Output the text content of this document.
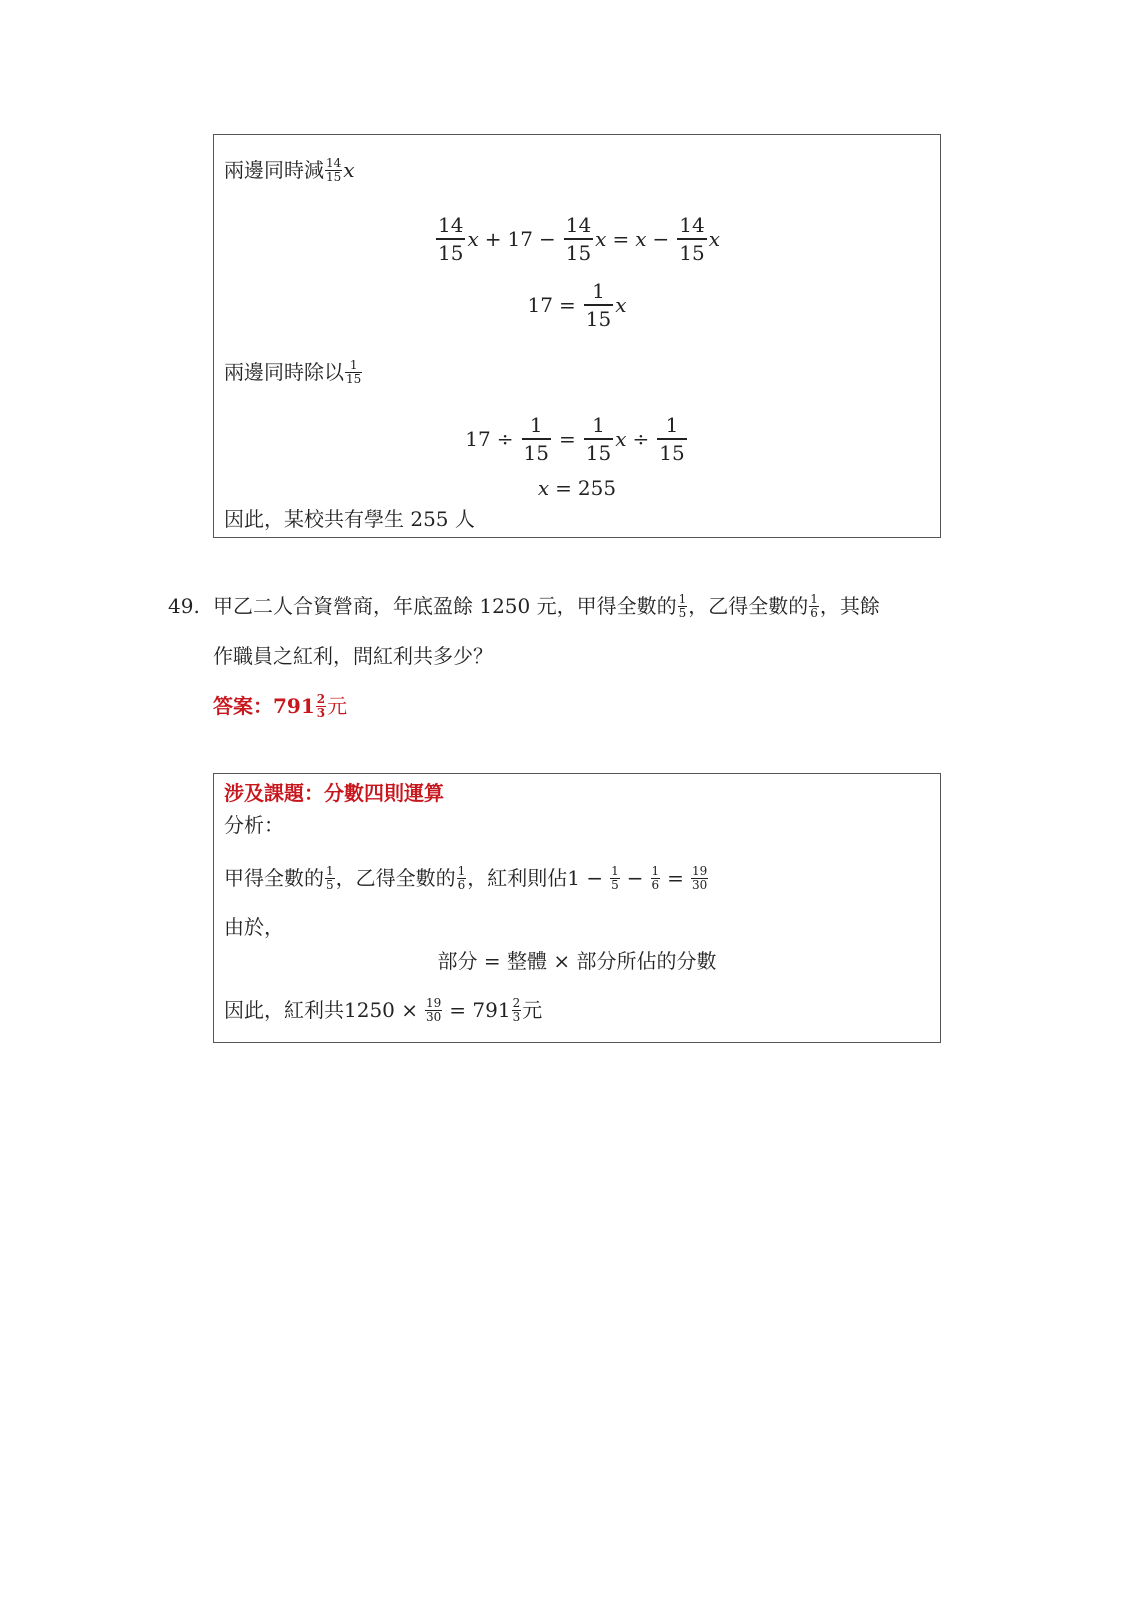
兩邊同時減 $\frac{14}{15}$ x
$\frac{14}{15}$ $x + 17 - \frac{14}{15}$ $x = x - \frac{14}{15}$ x
$17 = \frac{1}{15}$ x
兩邊同時除以 $\frac{1}{15}$
$17 \div \frac{1}{15} = \frac{1}{15}$ $x \div \frac{1}{15}$
x = 255
因此，某校共有學生 255 人
49. 甲乙二人合資營商，年底盈餘 1250 元，甲得全數的 $\frac{1}{5}$ ，乙得全數的 $\frac{1}{6}$ ，其餘
作職員之紅利，問紅利共多少？
答案：$791 \frac{2}{3}$ 元
涉及課題：分數四則運算
分析：
甲得全數的 $\frac{1}{5}$ ，乙得全數的 $\frac{1}{6}$ ，紅利則佔$1 - \frac{1}{5} - \frac{1}{6} = \frac{19}{30}$
由於，
部分 = 整體 × 部分所佔的分數
因此，紅利共$1250 \times \frac{19}{30} = 791 \frac{2}{3}$ 元
